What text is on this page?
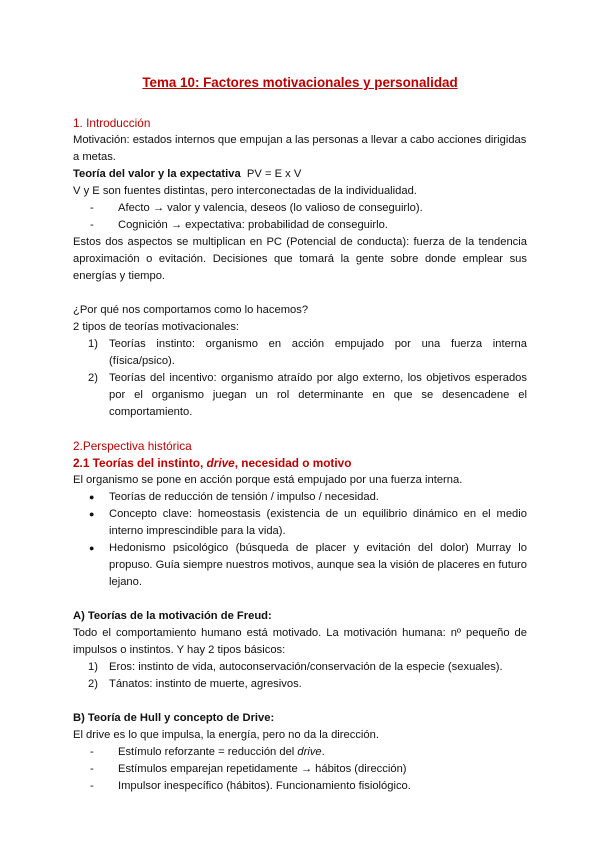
Tema 10: Factores motivacionales y personalidad
1. Introducción

Motivación: estados internos que empujan a las personas a llevar a cabo acciones dirigidas a metas.

Teoría del valor y la expectativa PV = E x V

V y E son fuentes distintas, pero interconectadas de la individualidad.

- Afecto → valor y valencia, deseos (lo valioso de conseguirlo).
- Cognición → expectativa: probabilidad de conseguirlo.

Estos dos aspectos se multiplican en PC (Potencial de conducta): fuerza de la tendencia aproximación o evitación. Decisiones que tomará la gente sobre donde emplear sus energías y tiempo.

¿Por qué nos comportamos como lo hacemos?

2 tipos de teorías motivacionales:

1) Teorías instinto: organismo en acción empujado por una fuerza interna (física/psico).
2) Teorías del incentivo: organismo atraído por algo externo, los objetivos esperados por el organismo juegan un rol determinante en que se desencadene el comportamiento.
2.Perspectiva histórica
2.1 Teorías del instinto, drive, necesidad o motivo

El organismo se pone en acción porque está empujado por una fuerza interna.

● Teorías de reducción de tensión / impulso / necesidad.
● Concepto clave: homeostasis (existencia de un equilibrio dinámico en el medio interno imprescindible para la vida).
● Hedonismo psicológico (búsqueda de placer y evitación del dolor) Murray lo propuso. Guía siempre nuestros motivos, aunque sea la visión de placeres en futuro lejano.
A) Teorías de la motivación de Freud:

Todo el comportamiento humano está motivado. La motivación humana: nº pequeño de impulsos o instintos. Y hay 2 tipos básicos:

1) Eros: instinto de vida, autoconservación/conservación de la especie (sexuales).
2) Tánatos: instinto de muerte, agresivos.
B) Teoría de Hull y concepto de Drive:

El drive es lo que impulsa, la energía, pero no da la dirección.

- Estímulo reforzante = reducción del drive.
- Estímulos emparejan repetidamente → hábitos (dirección)
- Impulsor inespecífico (hábitos). Funcionamiento fisiológico.
